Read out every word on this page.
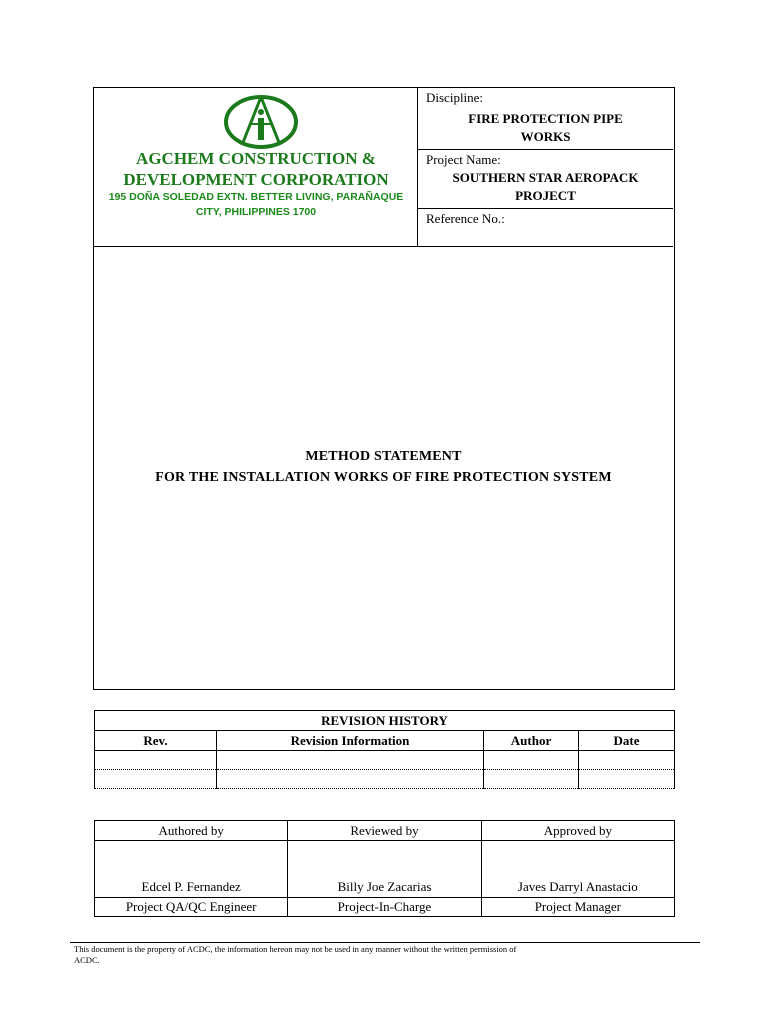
AGCHEM CONSTRUCTION &
DEVELOPMENT CORPORATION
195 DOÑA SOLEDAD EXTN. BETTER LIVING, PARAÑAQUE
CITY, PHILIPPINES 1700
Discipline:
FIRE PROTECTION PIPE
WORKS
Project Name:
SOUTHERN STAR AEROPACK
PROJECT
Reference No.:
METHOD STATEMENT
FOR THE INSTALLATION WORKS OF FIRE PROTECTION SYSTEM
REVISION HISTORY			
Rev.	Revision Information	Author	Date

Authored by	Reviewed by	Approved by
Edcel P. Fernandez	Billy Joe Zacarias	Javes Darryl Anastacio
Project QA/QC Engineer	Project-In-Charge	Project Manager
This document is the property of ACDC, the information hereon may not be used in any manner without the written permission of
ACDC.
